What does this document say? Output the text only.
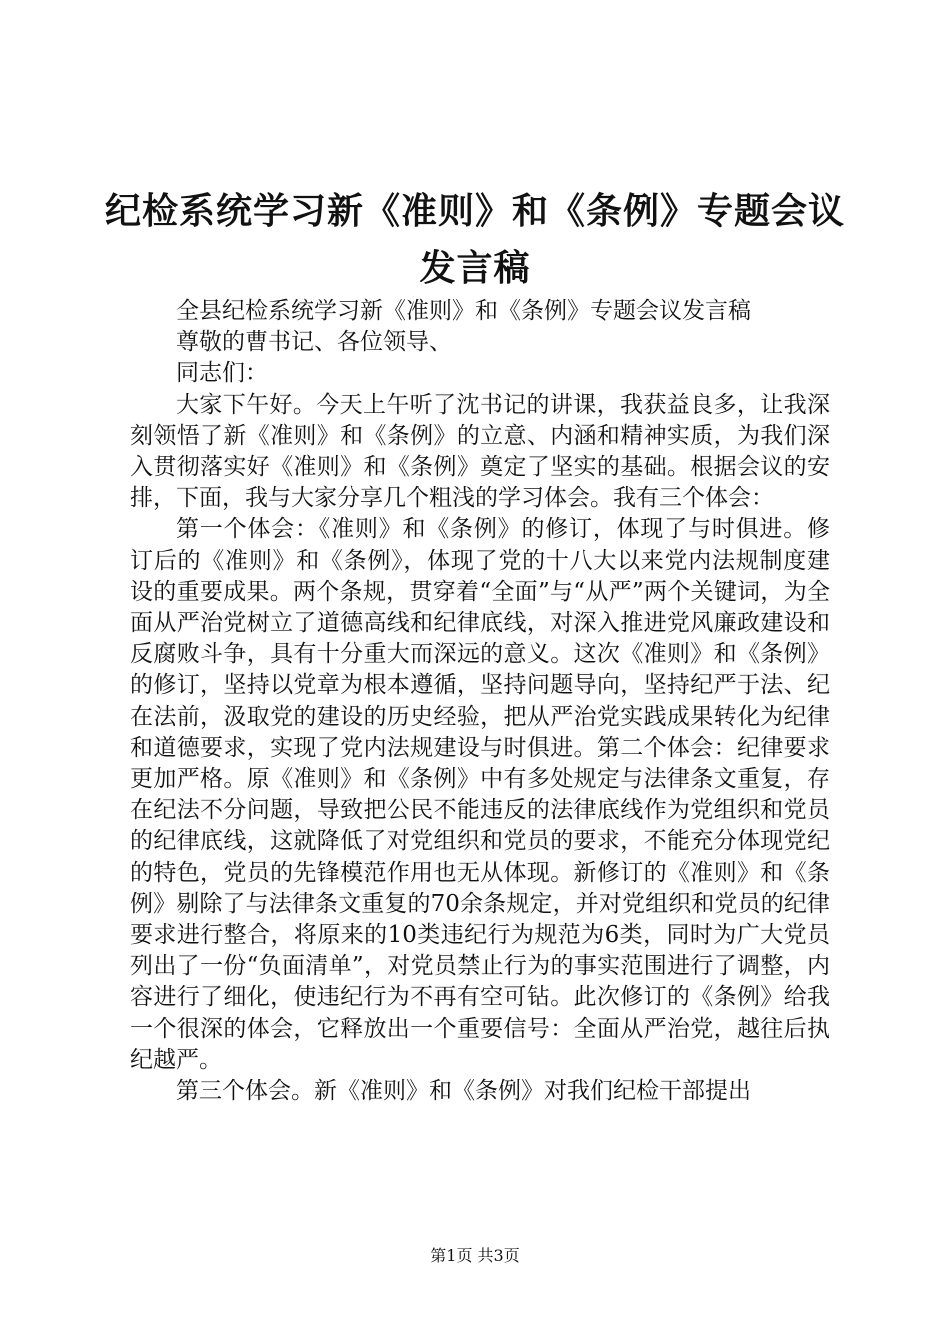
纪检系统学习新《准则》和《条例》专题会议
发言稿

全县纪检系统学习新《准则》和《条例》专题会议发言稿

尊敬的曹书记、各位领导、

同志们：

大家下午好。今天上午听了沈书记的讲课，我获益良多，让我深刻领悟了新《准则》和《条例》的立意、内涵和精神实质，为我们深入贯彻落实好《准则》和《条例》奠定了坚实的基础。根据会议的安排，下面，我与大家分享几个粗浅的学习体会。我有三个体会：

第一个体会：《准则》和《条例》的修订，体现了与时俱进。修订后的《准则》和《条例》，体现了党的十八大以来党内法规制度建设的重要成果。两个条规，贯穿着“全面”与“从严”两个关键词，为全面从严治党树立了道德高线和纪律底线，对深入推进党风廉政建设和反腐败斗争，具有十分重大而深远的意义。这次《准则》和《条例》的修订，坚持以党章为根本遵循，坚持问题导向，坚持纪严于法、纪在法前，汲取党的建设的历史经验，把从严治党实践成果转化为纪律和道德要求，实现了党内法规建设与时俱进。第二个体会：纪律要求更加严格。原《准则》和《条例》中有多处规定与法律条文重复，存在纪法不分问题，导致把公民不能违反的法律底线作为党组织和党员的纪律底线，这就降低了对党组织和党员的要求，不能充分体现党纪的特色，党员的先锋模范作用也无从体现。新修订的《准则》和《条例》剔除了与法律条文重复的70余条规定，并对党组织和党员的纪律要求进行整合，将原来的10类违纪行为规范为6类，同时为广大党员列出了一份“负面清单”，对党员禁止行为的事实范围进行了调整，内容进行了细化，使违纪行为不再有空可钻。此次修订的《条例》给我一个很深的体会，它释放出一个重要信号：全面从严治党，越往后执纪越严。

第三个体会。新《准则》和《条例》对我们纪检干部提出

第1页 共3页
